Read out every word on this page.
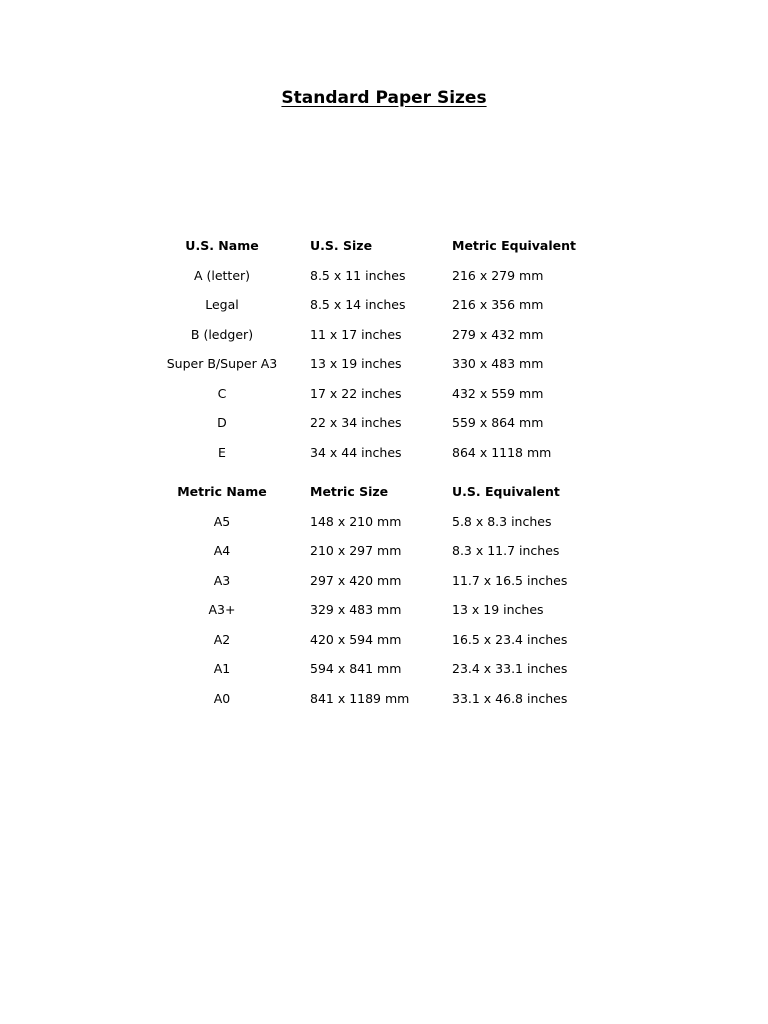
Standard Paper Sizes
U.S. Name	U.S. Size	Metric Equivalent
A (letter)	8.5 x 11 inches	216 x 279 mm
Legal	8.5 x 14 inches	216 x 356 mm
B (ledger)	11 x 17 inches	279 x 432 mm
Super B/Super A3	13 x 19 inches	330 x 483 mm
C	17 x 22 inches	432 x 559 mm
D	22 x 34 inches	559 x 864 mm
E	34 x 44 inches	864 x 1118 mm
Metric Name	Metric Size	U.S. Equivalent
A5	148 x 210 mm	5.8 x 8.3 inches
A4	210 x 297 mm	8.3 x 11.7 inches
A3	297 x 420 mm	11.7 x 16.5 inches
A3+	329 x 483 mm	13 x 19 inches
A2	420 x 594 mm	16.5 x 23.4 inches
A1	594 x 841 mm	23.4 x 33.1 inches
A0	841 x 1189 mm	33.1 x 46.8 inches
